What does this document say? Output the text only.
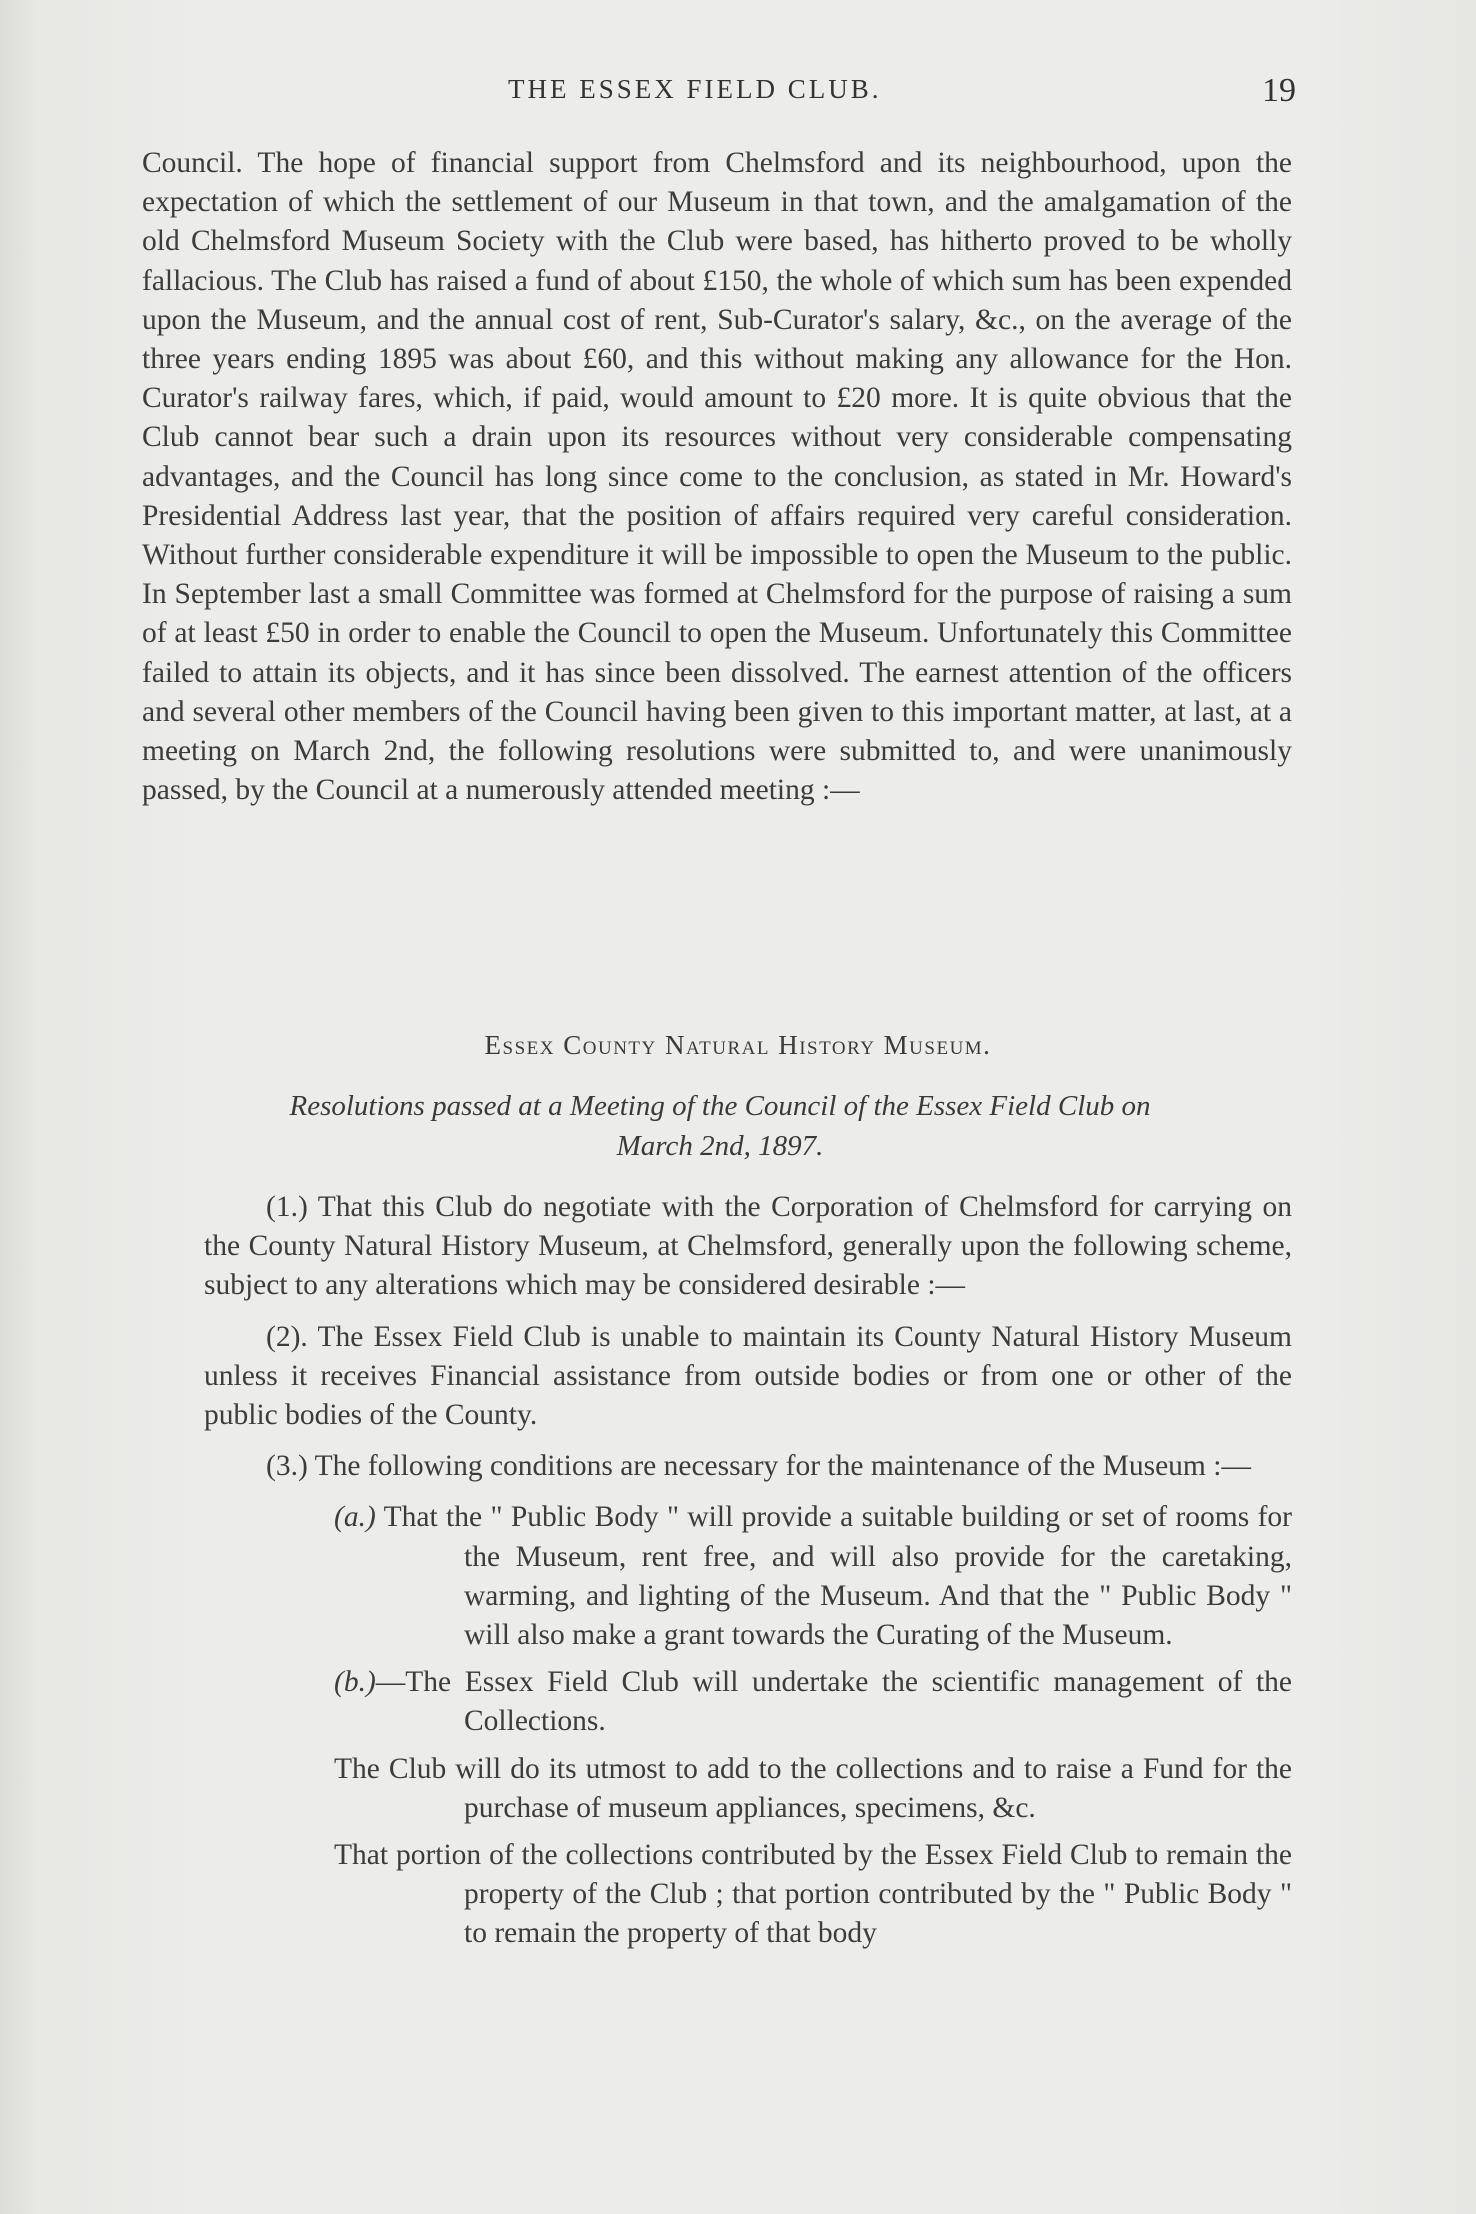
THE ESSEX FIELD CLUB.	19

Council. The hope of financial support from Chelmsford and its neighbourhood, upon the expectation of which the settlement of our Museum in that town, and the amalgamation of the old Chelmsford Museum Society with the Club were based, has hitherto proved to be wholly fallacious. The Club has raised a fund of about £150, the whole of which sum has been expended upon the Museum, and the annual cost of rent, Sub-Curator's salary, &c., on the average of the three years ending 1895 was about £60, and this without making any allowance for the Hon. Curator's railway fares, which, if paid, would amount to £20 more. It is quite obvious that the Club cannot bear such a drain upon its resources without very considerable compensating advantages, and the Council has long since come to the conclusion, as stated in Mr. Howard's Presidential Address last year, that the position of affairs required very careful consideration. Without further considerable expenditure it will be impossible to open the Museum to the public. In September last a small Committee was formed at Chelmsford for the purpose of raising a sum of at least £50 in order to enable the Council to open the Museum. Unfortunately this Committee failed to attain its objects, and it has since been dissolved. The earnest attention of the officers and several other members of the Council having been given to this important matter, at last, at a meeting on March 2nd, the following resolutions were submitted to, and were unanimously passed, by the Council at a numerously attended meeting :—

Essex County Natural History Museum.
Resolutions passed at a Meeting of the Council of the Essex Field Club on
March 2nd, 1897.

(1.) That this Club do negotiate with the Corporation of Chelmsford for carrying on the County Natural History Museum, at Chelmsford, generally upon the following scheme, subject to any alterations which may be considered desirable :—

(2). The Essex Field Club is unable to maintain its County Natural History Museum unless it receives Financial assistance from outside bodies or from one or other of the public bodies of the County.

(3.) The following conditions are necessary for the maintenance of the Museum :—

(a.) That the " Public Body " will provide a suitable building or set of rooms for the Museum, rent free, and will also provide for the caretaking, warming, and lighting of the Museum. And that the " Public Body " will also make a grant towards the Curating of the Museum.

(b.)—The Essex Field Club will undertake the scientific management of the Collections.

The Club will do its utmost to add to the collections and to raise a Fund for the purchase of museum appliances, specimens, &c.

That portion of the collections contributed by the Essex Field Club to remain the property of the Club ; that portion contributed by the " Public Body " to remain the property of that body
